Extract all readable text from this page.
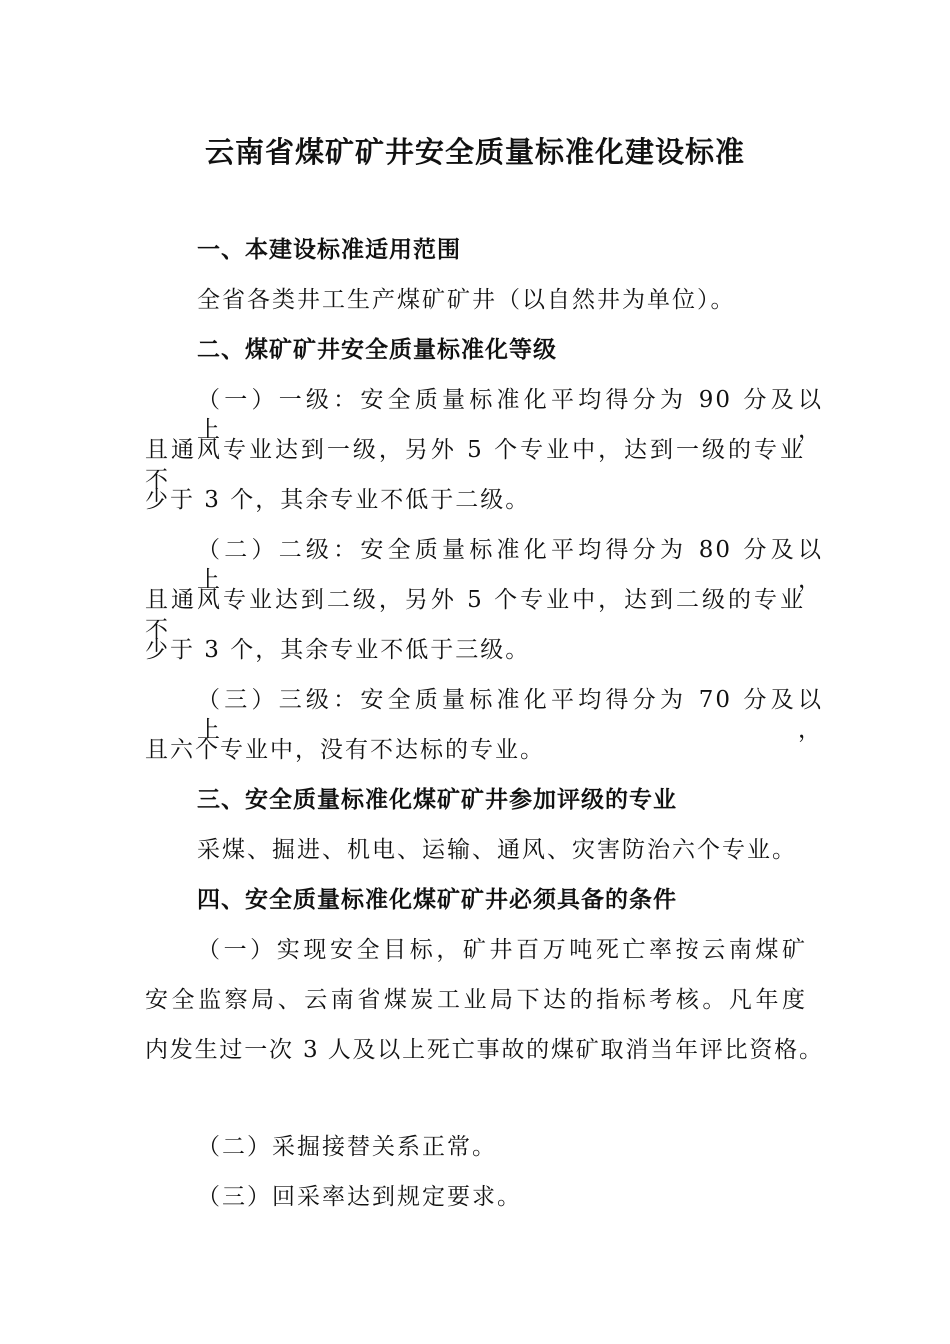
云南省煤矿矿井安全质量标准化建设标准
一、本建设标准适用范围
全省各类井工生产煤矿矿井（以自然井为单位）。
二、煤矿矿井安全质量标准化等级
（一）一级：安全质量标准化平均得分为 90 分及以上，
且通风专业达到一级，另外 5 个专业中，达到一级的专业不
少于 3 个，其余专业不低于二级。
（二）二级：安全质量标准化平均得分为 80 分及以上，
且通风专业达到二级，另外 5 个专业中，达到二级的专业不
少于 3 个，其余专业不低于三级。
（三）三级：安全质量标准化平均得分为 70 分及以上，
且六个专业中，没有不达标的专业。
三、安全质量标准化煤矿矿井参加评级的专业
采煤、掘进、机电、运输、通风、灾害防治六个专业。
四、安全质量标准化煤矿矿井必须具备的条件
（一）实现安全目标，矿井百万吨死亡率按云南煤矿
安全监察局、云南省煤炭工业局下达的指标考核。凡年度
内发生过一次 3 人及以上死亡事故的煤矿取消当年评比资格。
（二）采掘接替关系正常。
（三）回采率达到规定要求。
